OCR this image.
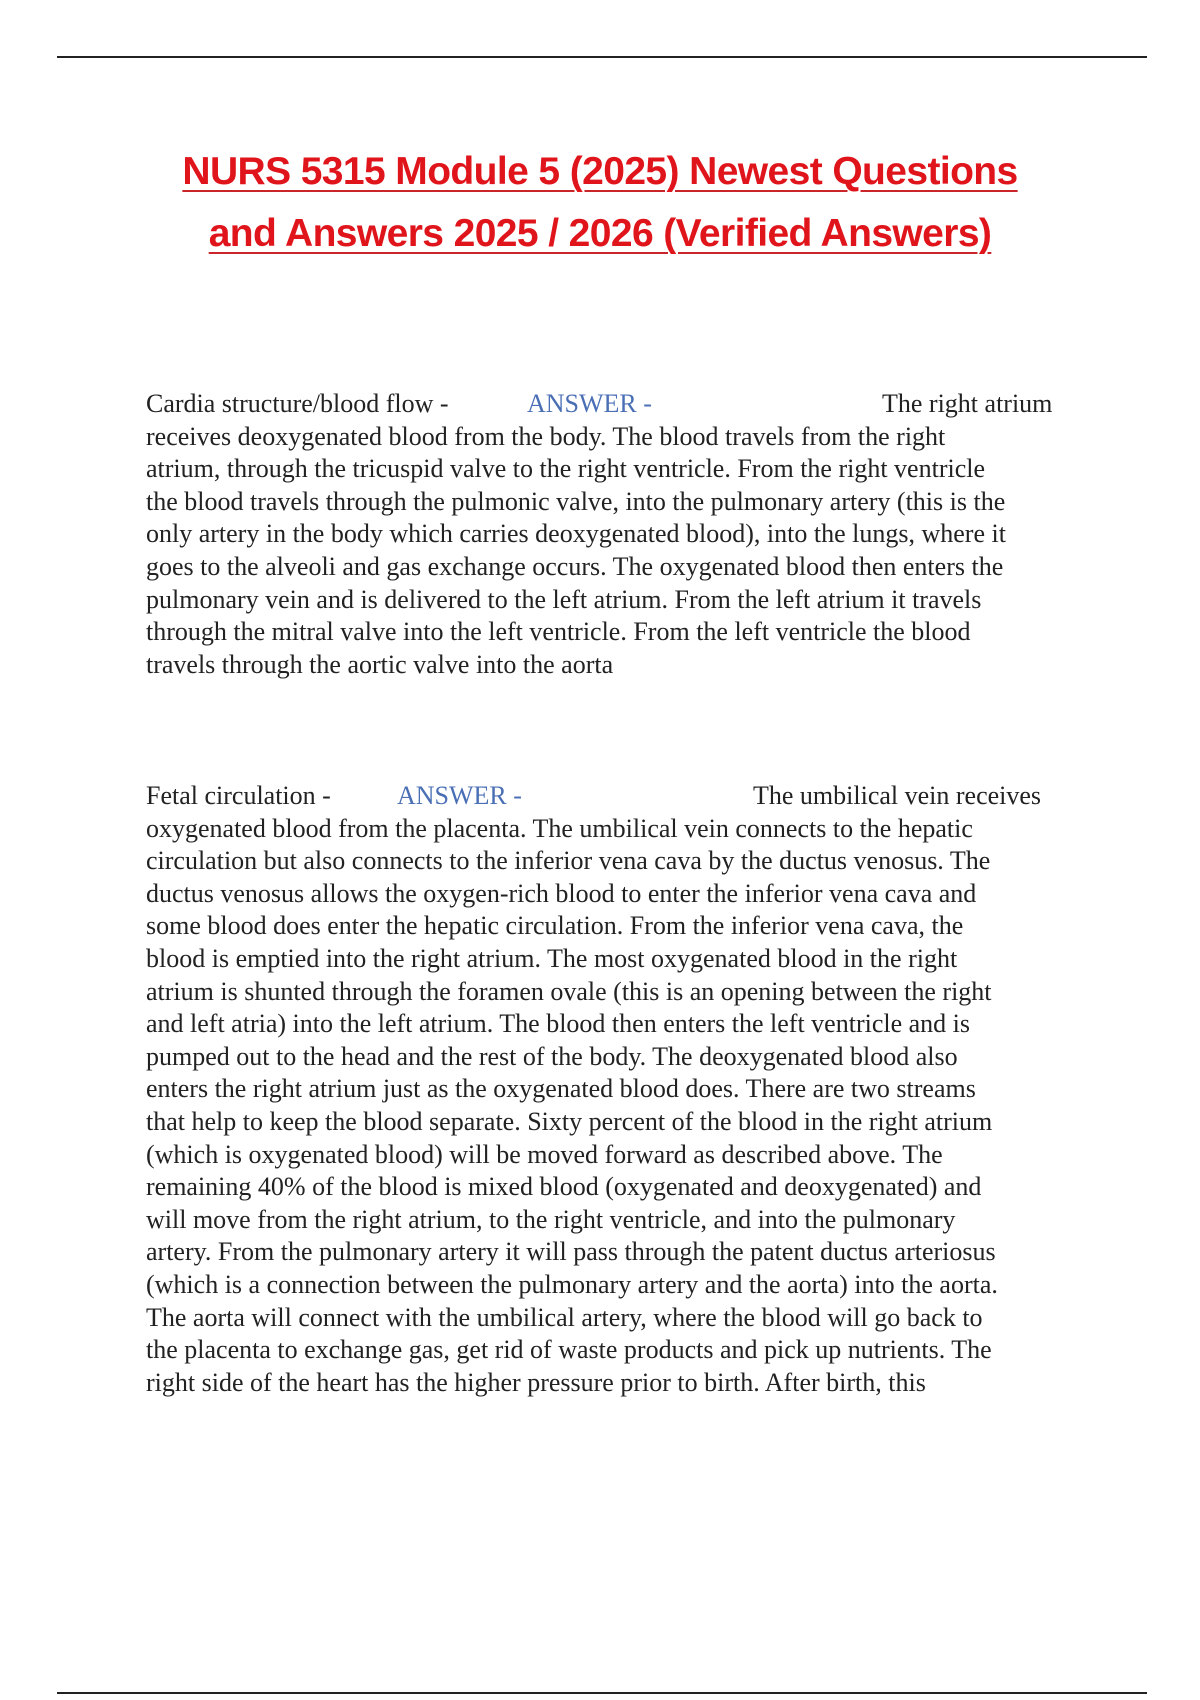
NURS 5315 Module 5 (2025) Newest Questions
and Answers 2025 / 2026 (Verified Answers)
Cardia structure/blood flow -	ANSWER -	The right atrium
receives deoxygenated blood from the body. The blood travels from the right
atrium, through the tricuspid valve to the right ventricle. From the right ventricle
the blood travels through the pulmonic valve, into the pulmonary artery (this is the
only artery in the body which carries deoxygenated blood), into the lungs, where it
goes to the alveoli and gas exchange occurs. The oxygenated blood then enters the
pulmonary vein and is delivered to the left atrium. From the left atrium it travels
through the mitral valve into the left ventricle. From the left ventricle the blood
travels through the aortic valve into the aorta
Fetal circulation -	ANSWER -	The umbilical vein receives
oxygenated blood from the placenta. The umbilical vein connects to the hepatic
circulation but also connects to the inferior vena cava by the ductus venosus. The
ductus venosus allows the oxygen-rich blood to enter the inferior vena cava and
some blood does enter the hepatic circulation. From the inferior vena cava, the
blood is emptied into the right atrium. The most oxygenated blood in the right
atrium is shunted through the foramen ovale (this is an opening between the right
and left atria) into the left atrium. The blood then enters the left ventricle and is
pumped out to the head and the rest of the body. The deoxygenated blood also
enters the right atrium just as the oxygenated blood does. There are two streams
that help to keep the blood separate. Sixty percent of the blood in the right atrium
(which is oxygenated blood) will be moved forward as described above. The
remaining 40% of the blood is mixed blood (oxygenated and deoxygenated) and
will move from the right atrium, to the right ventricle, and into the pulmonary
artery. From the pulmonary artery it will pass through the patent ductus arteriosus
(which is a connection between the pulmonary artery and the aorta) into the aorta.
The aorta will connect with the umbilical artery, where the blood will go back to
the placenta to exchange gas, get rid of waste products and pick up nutrients. The
right side of the heart has the higher pressure prior to birth. After birth, this
